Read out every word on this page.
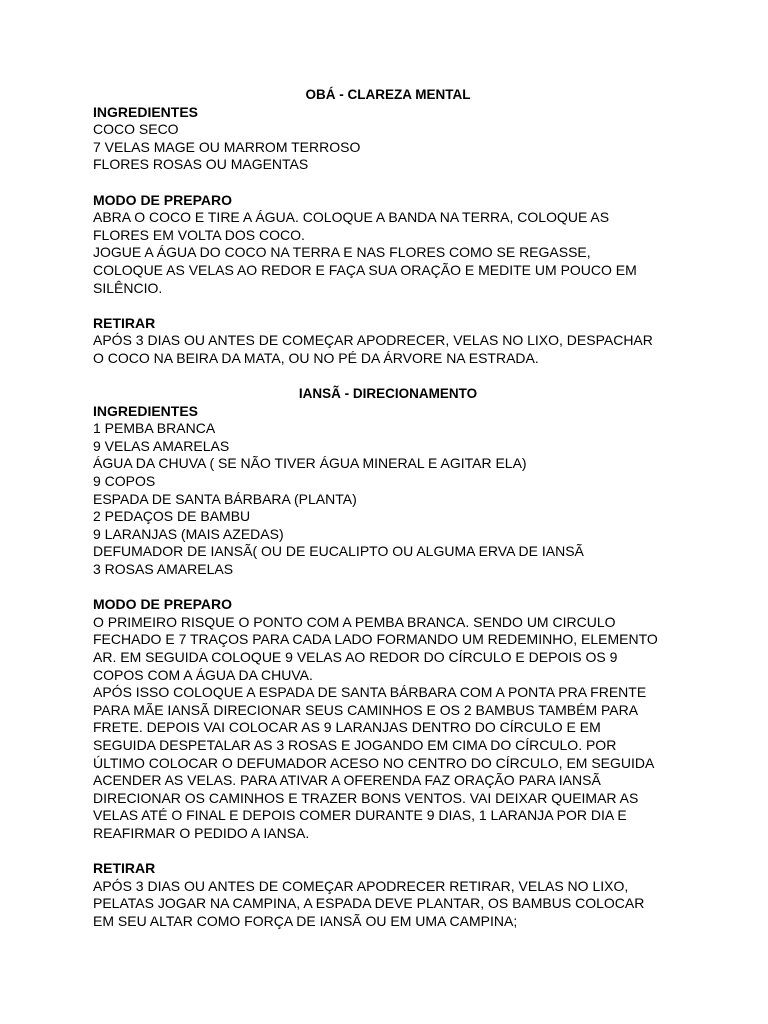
OBÁ - CLAREZA MENTAL
INGREDIENTES
COCO SECO
7 VELAS MAGE OU MARROM TERROSO
FLORES ROSAS OU MAGENTAS
MODO DE PREPARO
ABRA O COCO E TIRE A ÁGUA. COLOQUE A BANDA NA TERRA, COLOQUE AS
FLORES EM VOLTA DOS COCO.
JOGUE A ÁGUA DO COCO NA TERRA E NAS FLORES COMO SE REGASSE,
COLOQUE AS VELAS AO REDOR E FAÇA SUA ORAÇÃO E MEDITE UM POUCO EM
SILÊNCIO.
RETIRAR
APÓS 3 DIAS OU ANTES DE COMEÇAR APODRECER, VELAS NO LIXO, DESPACHAR
O COCO NA BEIRA DA MATA, OU NO PÉ DA ÁRVORE NA ESTRADA.
IANSÃ - DIRECIONAMENTO
INGREDIENTES
1 PEMBA BRANCA
9 VELAS AMARELAS
ÁGUA DA CHUVA ( SE NÃO TIVER ÁGUA MINERAL E AGITAR ELA)
9 COPOS
ESPADA DE SANTA BÁRBARA (PLANTA)
2 PEDAÇOS DE BAMBU
9 LARANJAS (MAIS AZEDAS)
DEFUMADOR DE IANSÃ( OU DE EUCALIPTO OU ALGUMA ERVA DE IANSÃ
3 ROSAS AMARELAS
MODO DE PREPARO
O PRIMEIRO RISQUE O PONTO COM A PEMBA BRANCA. SENDO UM CIRCULO
FECHADO E 7 TRAÇOS PARA CADA LADO FORMANDO UM REDEMINHO, ELEMENTO
AR. EM SEGUIDA COLOQUE 9 VELAS AO REDOR DO CÍRCULO E DEPOIS OS 9
COPOS COM A ÁGUA DA CHUVA.
APÓS ISSO COLOQUE A ESPADA DE SANTA BÁRBARA COM A PONTA PRA FRENTE
PARA MÃE IANSÃ DIRECIONAR SEUS CAMINHOS E OS 2 BAMBUS TAMBÉM PARA
FRETE. DEPOIS VAI COLOCAR AS 9 LARANJAS DENTRO DO CÍRCULO E EM
SEGUIDA DESPETALAR AS 3 ROSAS E JOGANDO EM CIMA DO CÍRCULO. POR
ÚLTIMO COLOCAR O DEFUMADOR ACESO NO CENTRO DO CÍRCULO, EM SEGUIDA
ACENDER AS VELAS. PARA ATIVAR A OFERENDA FAZ ORAÇÃO PARA IANSÃ
DIRECIONAR OS CAMINHOS E TRAZER BONS VENTOS. VAI DEIXAR QUEIMAR AS
VELAS ATÉ O FINAL E DEPOIS COMER DURANTE 9 DIAS, 1 LARANJA POR DIA E
REAFIRMAR O PEDIDO A IANSA.
RETIRAR
APÓS 3 DIAS OU ANTES DE COMEÇAR APODRECER RETIRAR, VELAS NO LIXO,
PELATAS JOGAR NA CAMPINA, A ESPADA DEVE PLANTAR, OS BAMBUS COLOCAR
EM SEU ALTAR COMO FORÇA DE IANSÃ OU EM UMA CAMPINA;
